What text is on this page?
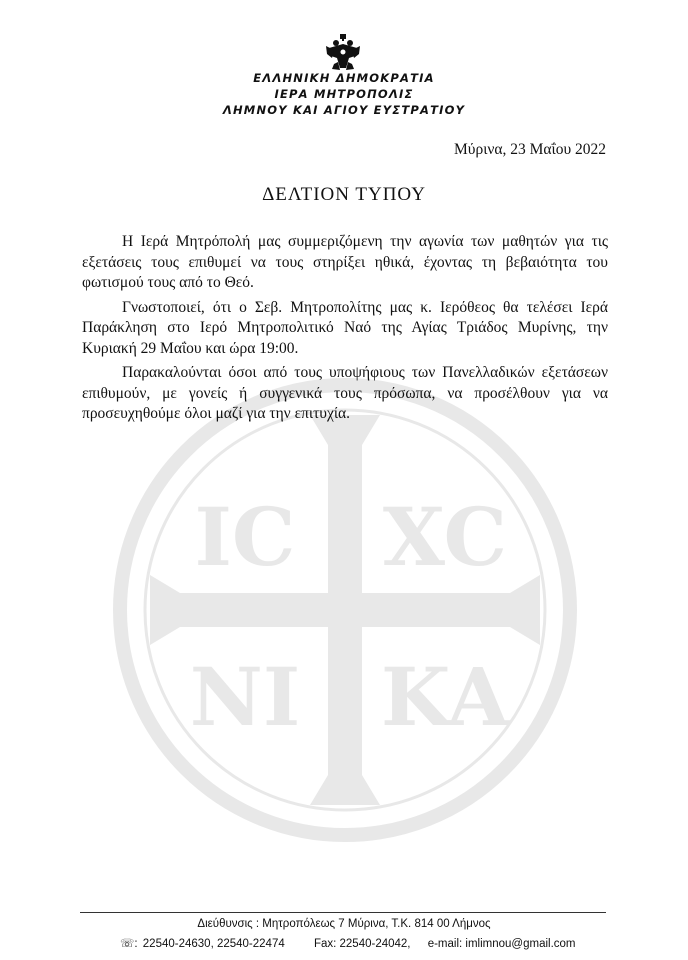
IC XC
NI KA
ΕΛΛΗΝΙΚΗ ΔΗΜΟΚΡΑΤΙΑ
ΙΕΡΑ ΜΗΤΡΟΠΟΛΙΣ
ΛΗΜΝΟΥ ΚΑΙ ΑΓΙΟΥ ΕΥΣΤΡΑΤΙΟΥ
Μύρινα, 23 Μαΐου 2022
ΔΕΛΤΙΟΝ ΤΥΠΟΥ

Η Ιερά Μητρόπολή μας συμμεριζόμενη την αγωνία των μαθητών για τις εξετάσεις τους επιθυμεί να τους στηρίξει ηθικά, έχοντας τη βεβαιότητα του φωτισμού τους από το Θεό.

Γνωστοποιεί, ότι ο Σεβ. Μητροπολίτης μας κ. Ιερόθεος θα τελέσει Ιερά Παράκληση στο Ιερό Μητροπολιτικό Ναό της Αγίας Τριάδος Μυρίνης, την Κυριακή 29 Μαΐου και ώρα 19:00.

Παρακαλούνται όσοι από τους υποψήφιους των Πανελλαδικών εξετάσεων επιθυμούν, με γονείς ή συγγενικά τους πρόσωπα, να προσέλθουν για να προσευχηθούμε όλοι μαζί για την επιτυχία.

Διεύθυνσις : Μητροπόλεως 7 Μύρινα, Τ.Κ. 814 00 Λήμνος
☏: 22540-24630, 22540-22474	Fax: 22540-24042, e-mail: imlimnou@gmail.com
